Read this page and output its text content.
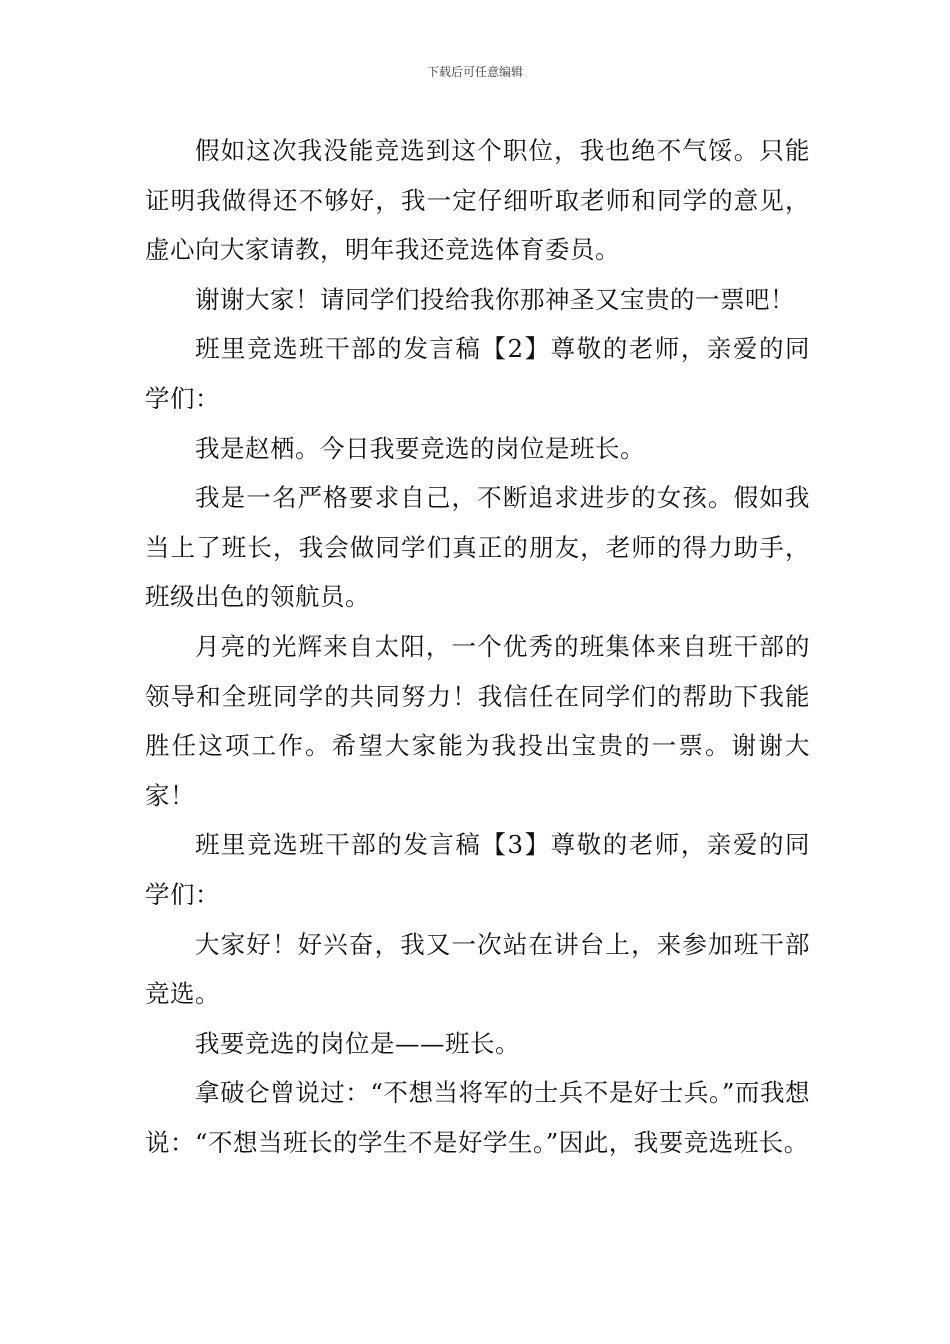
下载后可任意编辑

假如这次我没能竞选到这个职位，我也绝不气馁。只能证明我做得还不够好，我一定仔细听取老师和同学的意见，虚心向大家请教，明年我还竞选体育委员。

谢谢大家！请同学们投给我你那神圣又宝贵的一票吧！

班里竞选班干部的发言稿【2】尊敬的老师，亲爱的同学们：

我是赵栖。今日我要竞选的岗位是班长。

我是一名严格要求自己，不断追求进步的女孩。假如我当上了班长，我会做同学们真正的朋友，老师的得力助手，班级出色的领航员。

月亮的光辉来自太阳，一个优秀的班集体来自班干部的领导和全班同学的共同努力！我信任在同学们的帮助下我能胜任这项工作。希望大家能为我投出宝贵的一票。谢谢大家！

班里竞选班干部的发言稿【3】尊敬的老师，亲爱的同学们：

大家好！好兴奋，我又一次站在讲台上，来参加班干部竞选。

我要竞选的岗位是——班长。

拿破仑曾说过：“不想当将军的士兵不是好士兵。”而我想说：“不想当班长的学生不是好学生。”因此，我要竞选班长。
